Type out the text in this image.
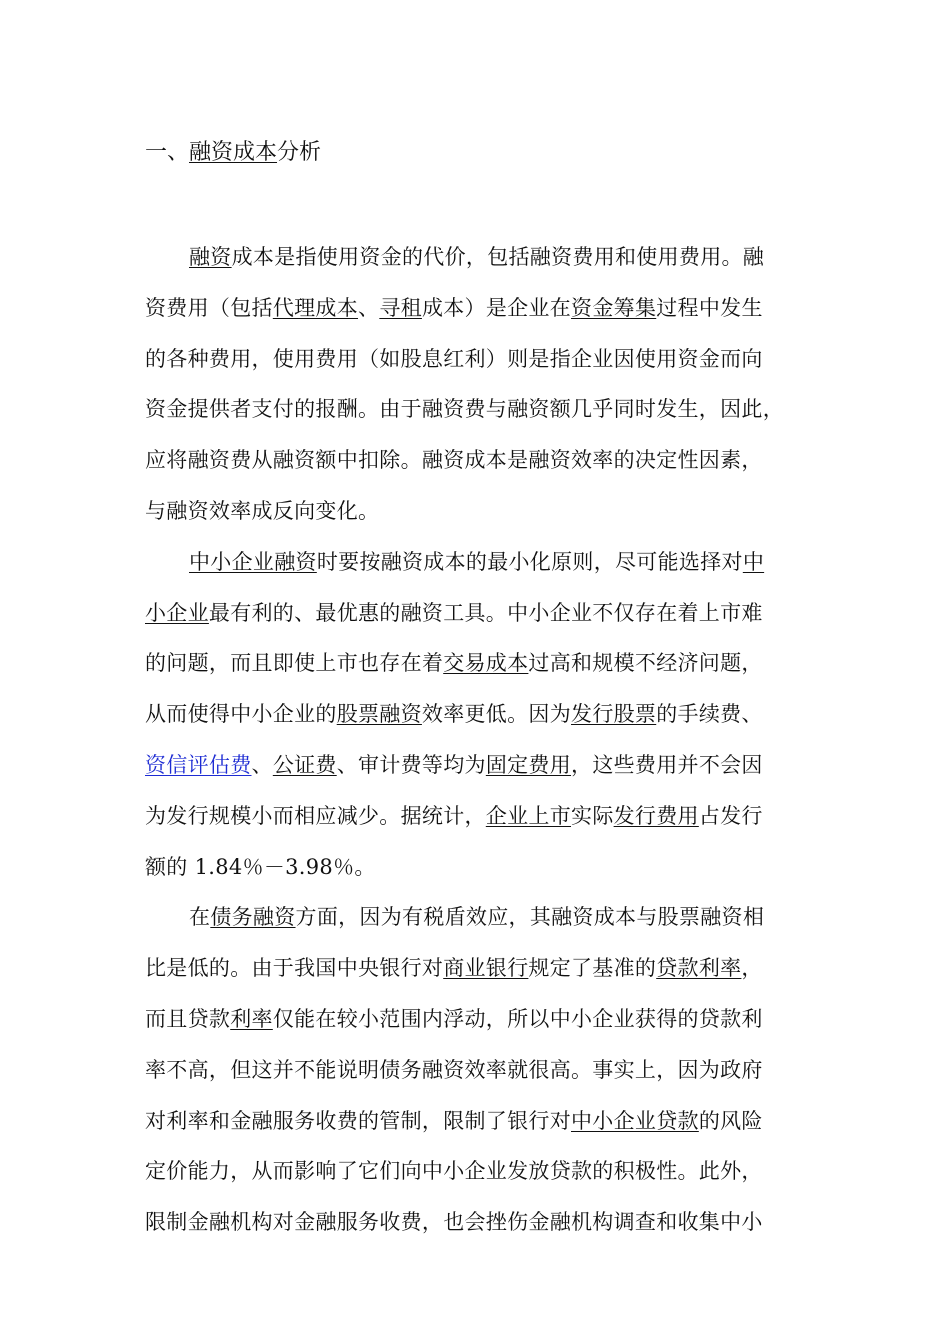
一、融资成本分析
融资成本是指使用资金的代价，包括融资费用和使用费用。融
资费用（包括代理成本、寻租成本）是企业在资金筹集过程中发生
的各种费用，使用费用（如股息红利）则是指企业因使用资金而向
资金提供者支付的报酬。由于融资费与融资额几乎同时发生，因此，
应将融资费从融资额中扣除。融资成本是融资效率的决定性因素，
与融资效率成反向变化。
中小企业融资时要按融资成本的最小化原则，尽可能选择对中
小企业最有利的、最优惠的融资工具。中小企业不仅存在着上市难
的问题，而且即使上市也存在着交易成本过高和规模不经济问题，
从而使得中小企业的股票融资效率更低。因为发行股票的手续费、
资信评估费、公证费、审计费等均为固定费用，这些费用并不会因
为发行规模小而相应减少。据统计，企业上市实际发行费用占发行
额的 1.84％－3.98％。
在债务融资方面，因为有税盾效应，其融资成本与股票融资相
比是低的。由于我国中央银行对商业银行规定了基准的贷款利率，
而且贷款利率仅能在较小范围内浮动，所以中小企业获得的贷款利
率不高，但这并不能说明债务融资效率就很高。事实上，因为政府
对利率和金融服务收费的管制，限制了银行对中小企业贷款的风险
定价能力，从而影响了它们向中小企业发放贷款的积极性。此外，
限制金融机构对金融服务收费，也会挫伤金融机构调查和收集中小
